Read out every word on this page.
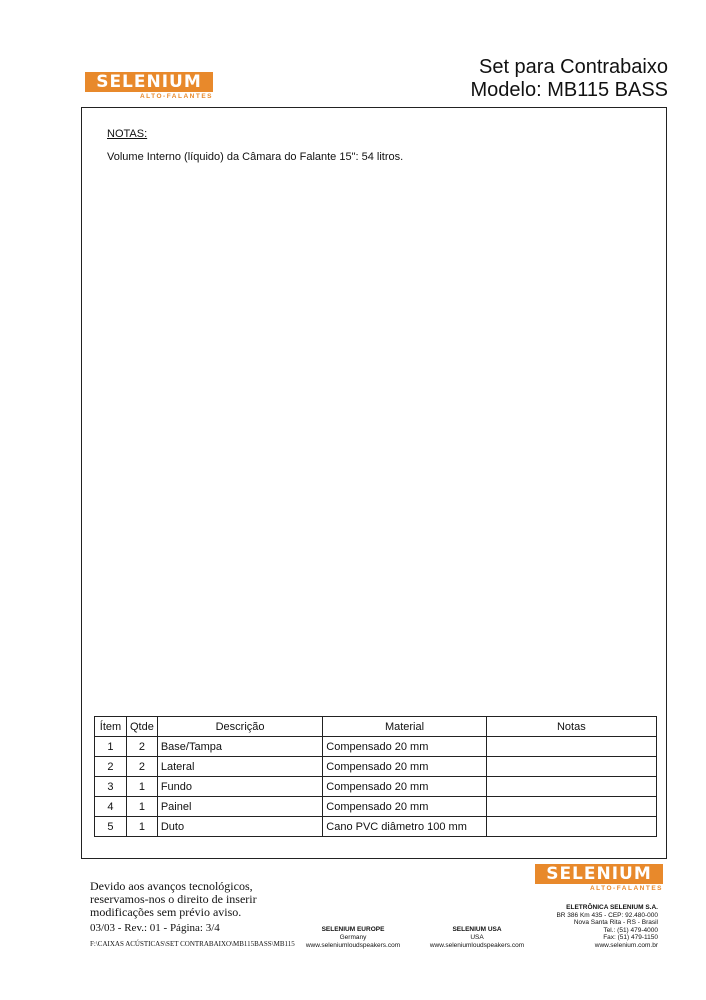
SELENIUM
ALTO-FALANTES
Set para Contrabaixo
Modelo: MB115 BASS
NOTAS:
Volume Interno (líquido) da Câmara do Falante 15": 54 litros.
Ítem	Qtde	Descrição	Material	Notas
1	2	Base/Tampa	Compensado 20 mm	
2	2	Lateral	Compensado 20 mm	
3	1	Fundo	Compensado 20 mm	
4	1	Painel	Compensado 20 mm	
5	1	Duto	Cano PVC diâmetro 100 mm	
SELENIUM
ALTO-FALANTES
Devido aos avanços tecnológicos,
reservamos-nos o direito de inserir
modificações sem prévio aviso.
03/03 - Rev.: 01 - Página: 3/4
F:\CAIXAS ACÚSTICAS\SET CONTRABAIXO\MB115BASS\MB115
SELENIUM EUROPE
Germany
www.seleniumloudspeakers.com
SELENIUM USA
USA
www.seleniumloudspeakers.com
ELETRÔNICA SELENIUM S.A.
BR 386 Km 435 - CEP: 92.480-000
Nova Santa Rita - RS - Brasil
Tel.: (51) 479-4000
Fax: (51) 479-1150
www.selenium.com.br
